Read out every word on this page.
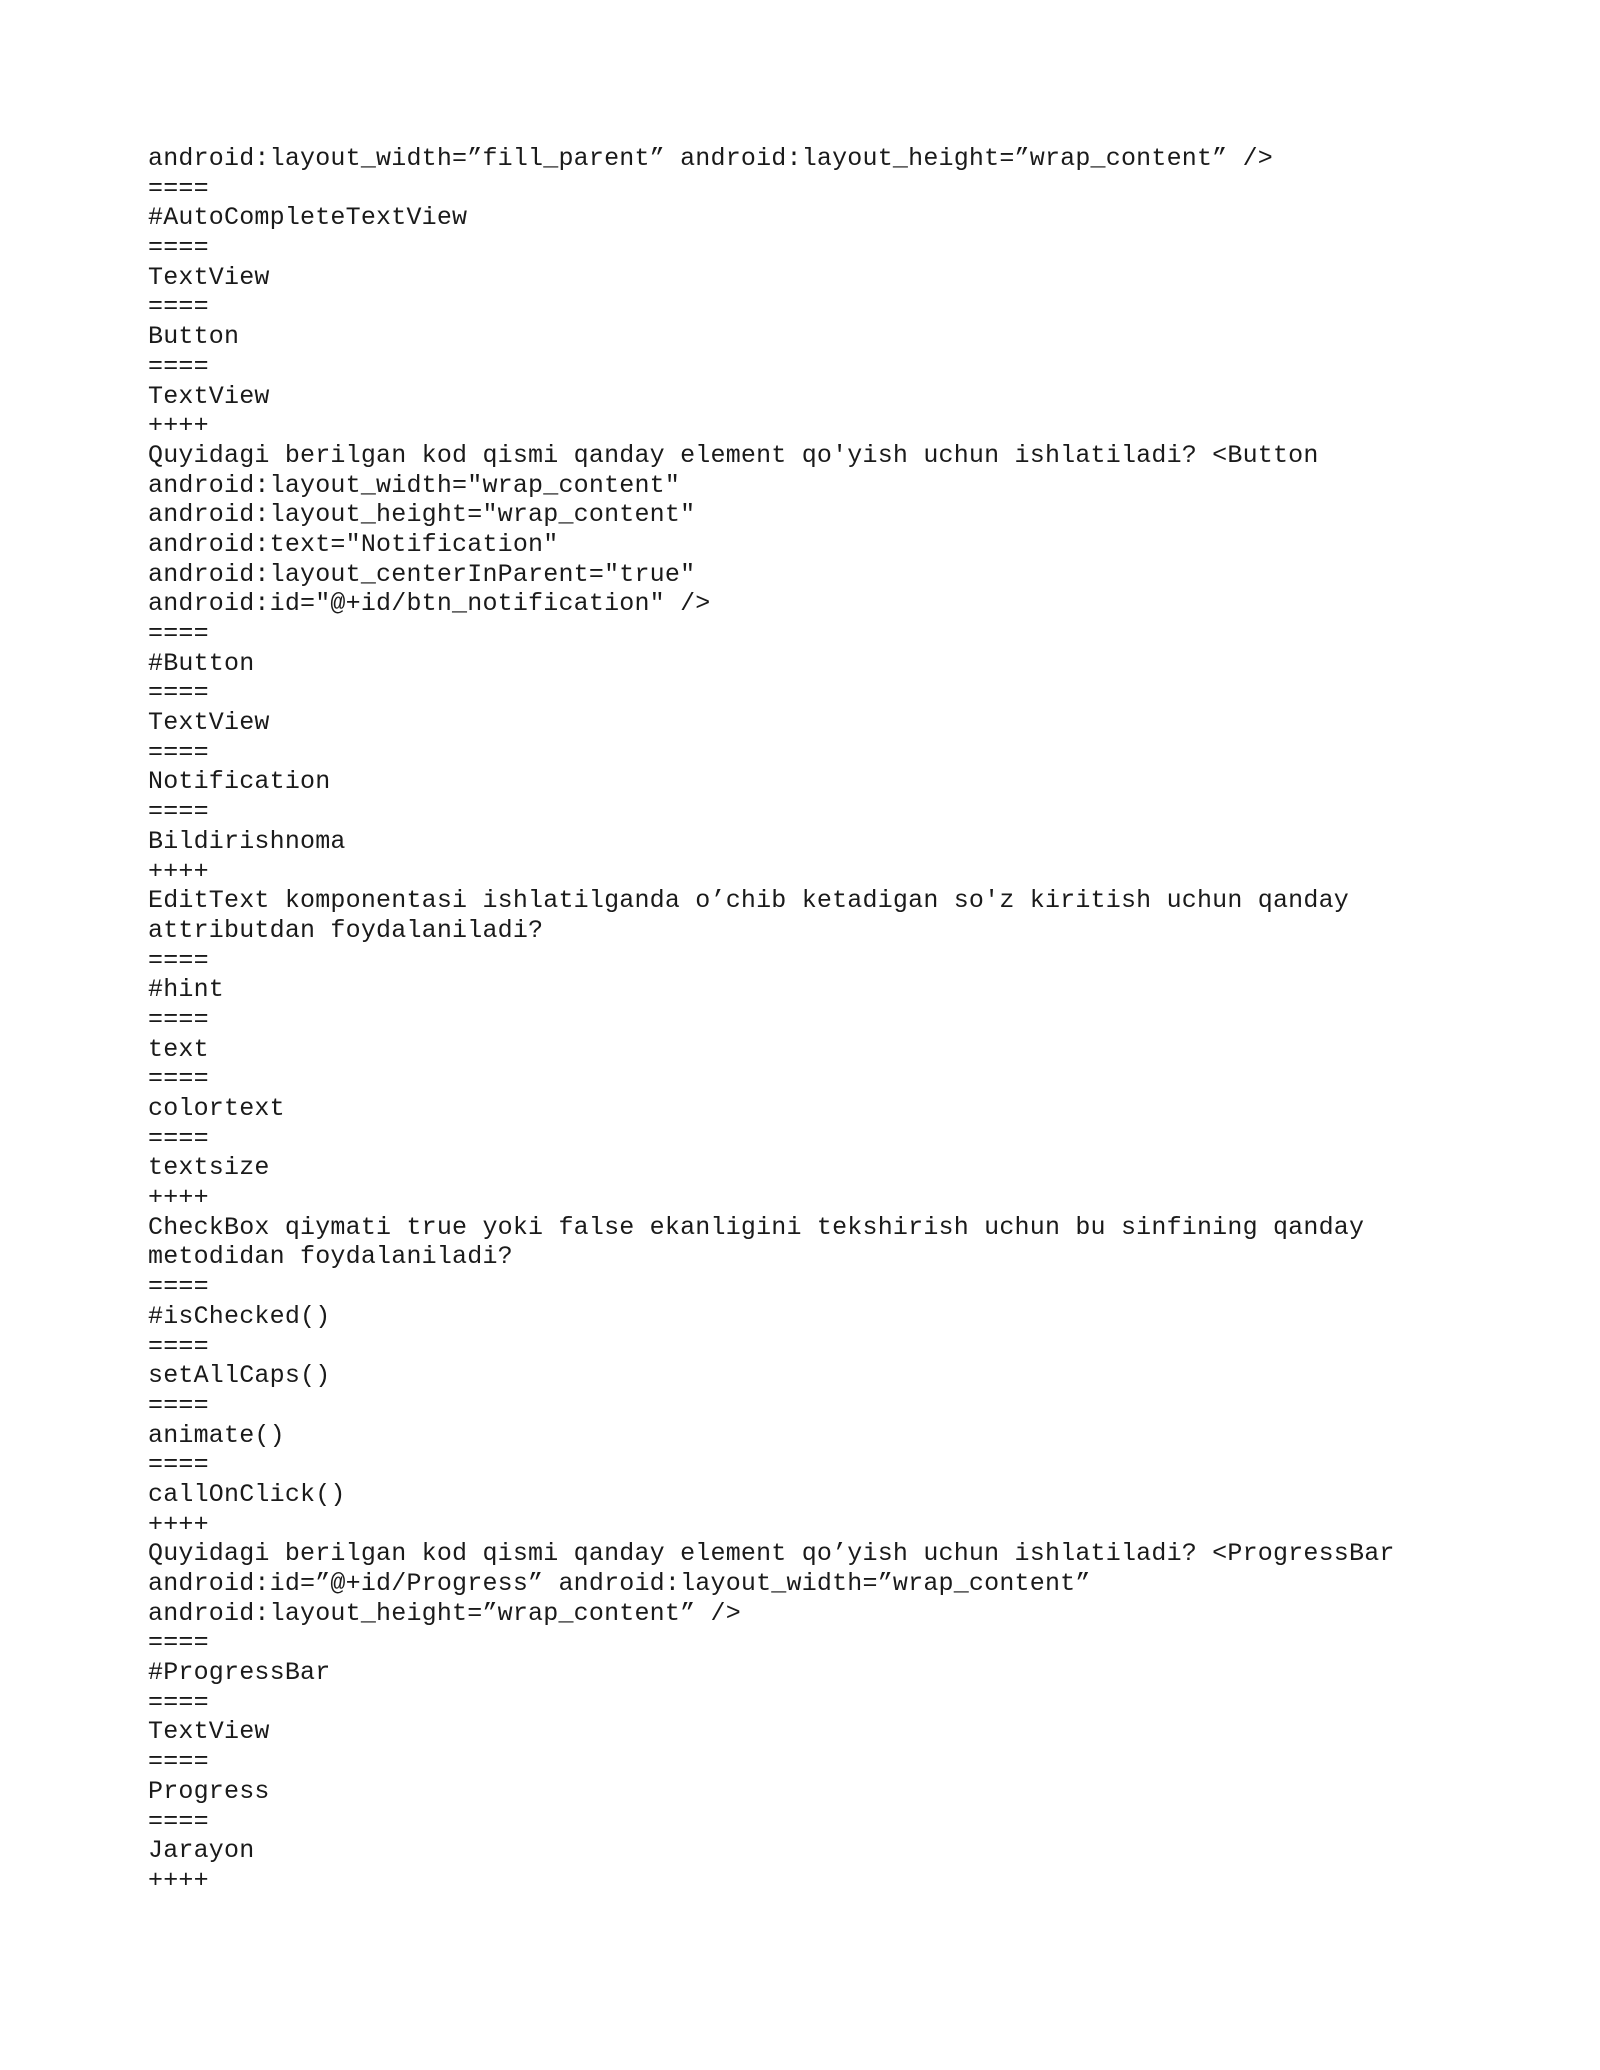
android:layout_width=”fill_parent” android:layout_height=”wrap_content” />
====
#AutoCompleteTextView
====
TextView
====
Button
====
TextView
++++
Quyidagi berilgan kod qismi qanday element qo'yish uchun ishlatiladi? <Button
android:layout_width="wrap_content"
android:layout_height="wrap_content"
android:text="Notification"
android:layout_centerInParent="true"
android:id="@+id/btn_notification" />
====
#Button
====
TextView
====
Notification
====
Bildirishnoma
++++
EditText komponentasi ishlatilganda o’chib ketadigan so'z kiritish uchun qanday
attributdan foydalaniladi?
====
#hint
====
text
====
colortext
====
textsize
++++
CheckBox qiymati true yoki false ekanligini tekshirish uchun bu sinfining qanday
metodidan foydalaniladi?
====
#isChecked()
====
setAllCaps()
====
animate()
====
callOnClick()
++++
Quyidagi berilgan kod qismi qanday element qo’yish uchun ishlatiladi? <ProgressBar
android:id=”@+id/Progress” android:layout_width=”wrap_content”
android:layout_height=”wrap_content” />
====
#ProgressBar
====
TextView
====
Progress
====
Jarayon
++++
